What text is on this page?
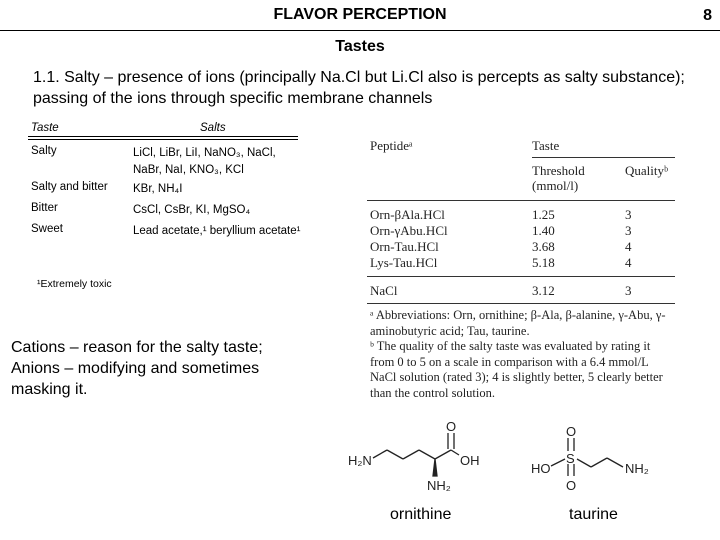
FLAVOR PERCEPTION	8
Tastes
1.1. Salty – presence of ions (principally Na.Cl but Li.Cl also is percepts as salty substance); passing of the ions through specific membrane channels
Taste	Salts
Salty	LiCl, LiBr, LiI, NaNO₃, NaCl, NaBr, NaI, KNO₃, KCl
Salty and bitter KBr, NH₄I
Bitter	CsCl, CsBr, KI, MgSO₄
Sweet	Lead acetate,¹ beryllium acetate¹
¹Extremely toxic
Peptideᵃ	Taste
Threshold (mmol/l)
Qualityᵇ
Orn-βAla.HCl	1.25	3
Orn-γAbu.HCl	1.40	3
Orn-Tau.HCl	3.68	4
Lys-Tau.HCl	5.18	4
NaCl	3.12	3
ᵃ Abbreviations: Orn, ornithine; β-Ala, β-alanine, γ-Abu, γ-aminobutyric acid; Tau, taurine.
ᵇ The quality of the salty taste was evaluated by rating it from 0 to 5 on a scale in comparison with a 6.4 mmol/L NaCl solution (rated 3); 4 is slightly better, 5 clearly better than the control solution.
Cations – reason for the salty taste; Anions – modifying and sometimes masking it.
H₂N
O
OH
NH₂
O
S
O
HO	NH₂
ornithine	taurine
